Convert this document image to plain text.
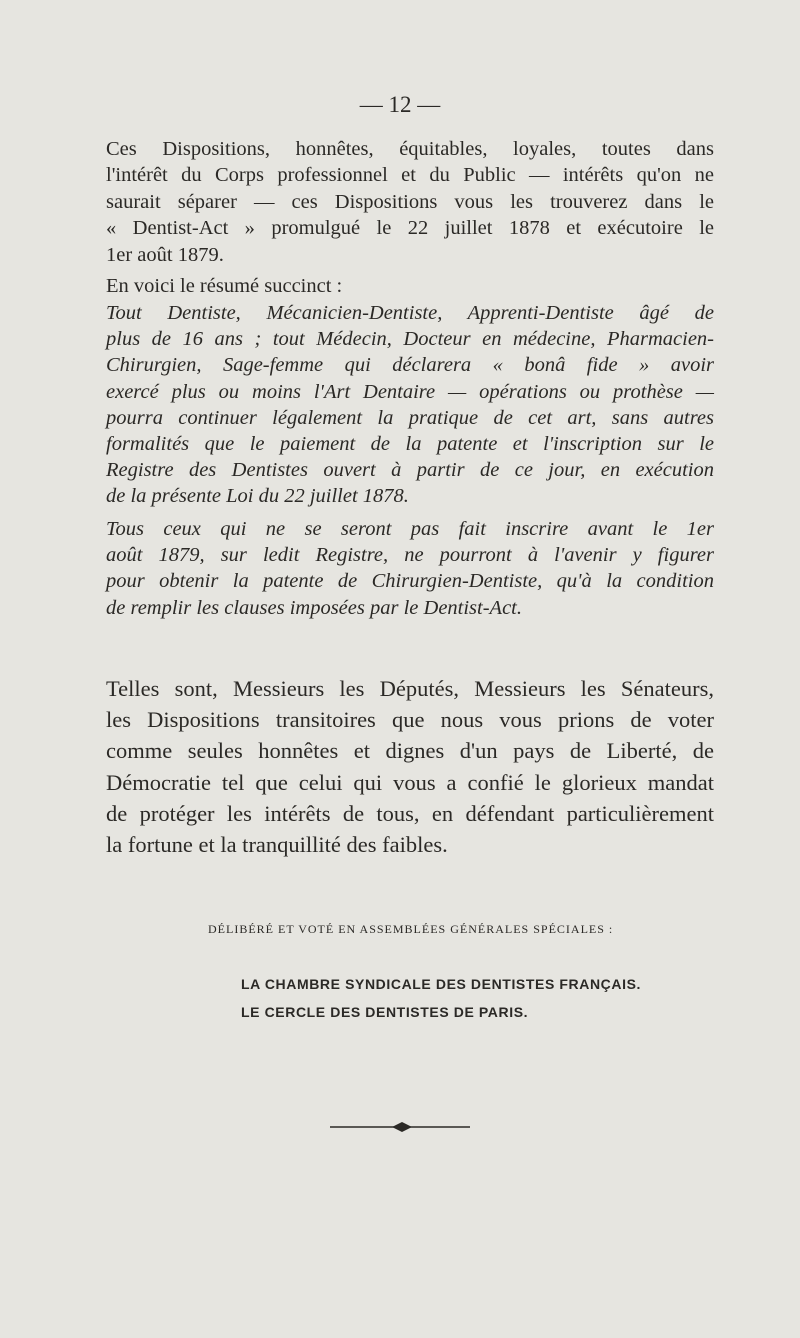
— 12 —
Ces Dispositions, honnêtes, équitables, loyales, toutes dans
l'intérêt du Corps professionnel et du Public — intérêts qu'on ne
saurait séparer — ces Dispositions vous les trouverez dans le
« Dentist-Act » promulgué le 22 juillet 1878 et exécutoire le
1er août 1879.
En voici le résumé succinct :
Tout Dentiste, Mécanicien-Dentiste, Apprenti-Dentiste âgé de
plus de 16 ans ; tout Médecin, Docteur en médecine, Pharmacien-
Chirurgien, Sage-femme qui déclarera « bonâ fide » avoir
exercé plus ou moins l'Art Dentaire — opérations ou prothèse —
pourra continuer légalement la pratique de cet art, sans autres
formalités que le paiement de la patente et l'inscription sur le
Registre des Dentistes ouvert à partir de ce jour, en exécution
de la présente Loi du 22 juillet 1878.
Tous ceux qui ne se seront pas fait inscrire avant le 1er
août 1879, sur ledit Registre, ne pourront à l'avenir y figurer
pour obtenir la patente de Chirurgien-Dentiste, qu'à la condition
de remplir les clauses imposées par le Dentist-Act.
Telles sont, Messieurs les Députés, Messieurs les Sénateurs,
les Dispositions transitoires que nous vous prions de voter
comme seules honnêtes et dignes d'un pays de Liberté, de
Démocratie tel que celui qui vous a confié le glorieux mandat
de protéger les intérêts de tous, en défendant particulièrement
la fortune et la tranquillité des faibles.
DÉLIBÉRÉ ET VOTÉ EN ASSEMBLÉES GÉNÉRALES SPÉCIALES :
LA CHAMBRE SYNDICALE DES DENTISTES FRANÇAIS.
LE CERCLE DES DENTISTES DE PARIS.
